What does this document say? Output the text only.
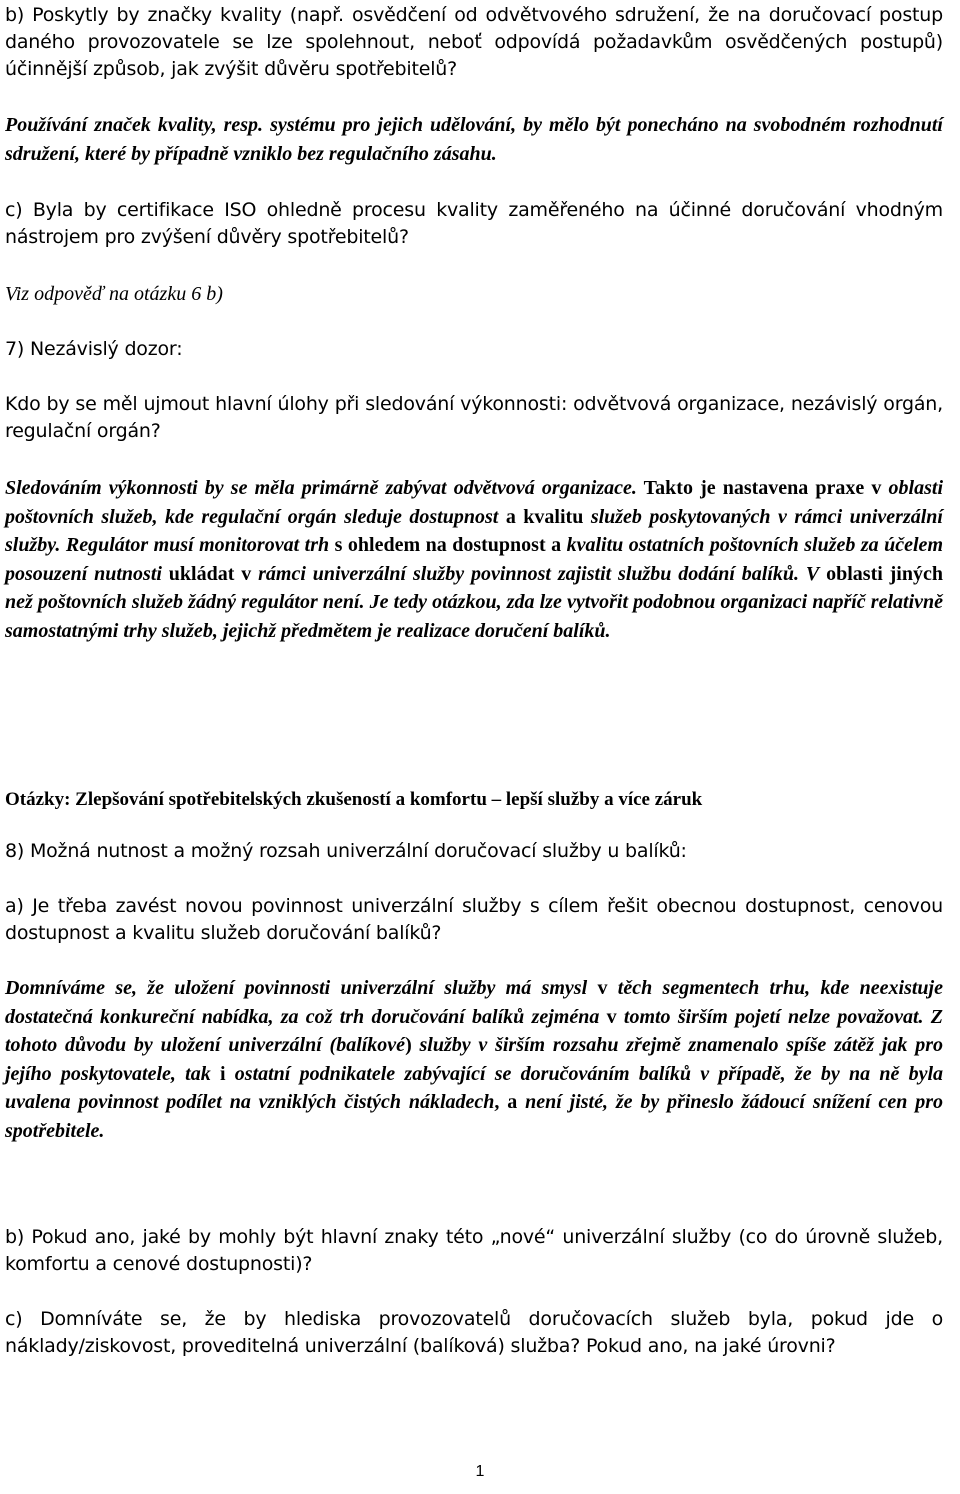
b) Poskytly by značky kvality (např. osvědčení od odvětvového sdružení, že na doručovací postup daného provozovatele se lze spolehnout, neboť odpovídá požadavkům osvědčených postupů) účinnější způsob, jak zvýšit důvěru spotřebitelů?

Používání značek kvality, resp. systému pro jejich udělování, by mělo být ponecháno na svobodném rozhodnutí sdružení, které by případně vzniklo bez regulačního zásahu.

c) Byla by certifikace ISO ohledně procesu kvality zaměřeného na účinné doručování vhodným nástrojem pro zvýšení důvěry spotřebitelů?

Viz odpověď na otázku 6 b)

7) Nezávislý dozor:

Kdo by se měl ujmout hlavní úlohy při sledování výkonnosti: odvětvová organizace, nezávislý orgán, regulační orgán?

Sledováním výkonnosti by se měla primárně zabývat odvětvová organizace. Takto je nastavena praxe v oblasti poštovních služeb, kde regulační orgán sleduje dostupnost a kvalitu služeb poskytovaných v rámci univerzální služby. Regulátor musí monitorovat trh s ohledem na dostupnost a kvalitu ostatních poštovních služeb za účelem posouzení nutnosti ukládat v rámci univerzální služby povinnost zajistit službu dodání balíků. V oblasti jiných než poštovních služeb žádný regulátor není. Je tedy otázkou, zda lze vytvořit podobnou organizaci napříč relativně samostatnými trhy služeb, jejichž předmětem je realizace doručení balíků.

Otázky: Zlepšování spotřebitelských zkušeností a komfortu – lepší služby a více záruk

8) Možná nutnost a možný rozsah univerzální doručovací služby u balíků:

a) Je třeba zavést novou povinnost univerzální služby s cílem řešit obecnou dostupnost, cenovou dostupnost a kvalitu služeb doručování balíků?

Domníváme se, že uložení povinnosti univerzální služby má smysl v těch segmentech trhu, kde neexistuje dostatečná konkureční nabídka, za což trh doručování balíků zejména v tomto širším pojetí nelze považovat. Z tohoto důvodu by uložení univerzální (balíkové) služby v širším rozsahu zřejmě znamenalo spíše zátěž jak pro jejího poskytovatele, tak i ostatní podnikatele zabývající se doručováním balíků v případě, že by na ně byla uvalena povinnost podílet na vzniklých čistých nákladech, a není jisté, že by přineslo žádoucí snížení cen pro spotřebitele.

b) Pokud ano, jaké by mohly být hlavní znaky této „nové“ univerzální služby (co do úrovně služeb, komfortu a cenové dostupnosti)?

c) Domníváte se, že by hlediska provozovatelů doručovacích služeb byla, pokud jde o náklady/ziskovost, proveditelná univerzální (balíková) služba? Pokud ano, na jaké úrovni?

1
